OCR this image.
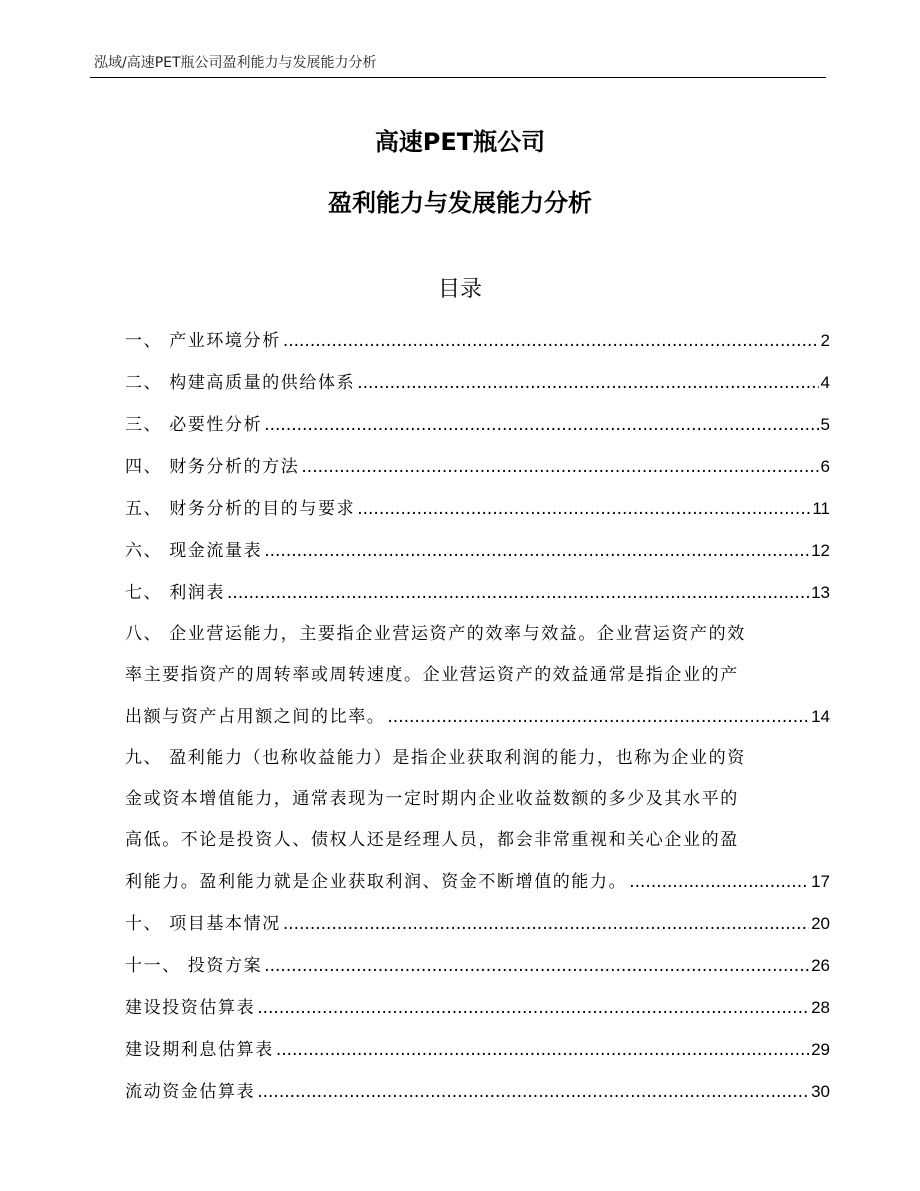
泓域/高速PET瓶公司盈利能力与发展能力分析
高速PET瓶公司
盈利能力与发展能力分析
目录
一、 产业环境分析 .....	2
二、 构建高质量的供给体系 .....	4
三、 必要性分析 .....	5
四、 财务分析的方法 .....	6
五、 财务分析的目的与要求 .....	11
六、 现金流量表 .....	12
七、 利润表 .....	13
八、 企业营运能力，主要指企业营运资产的效率与效益。企业营运资产的效
率主要指资产的周转率或周转速度。企业营运资产的效益通常是指企业的产
出额与资产占用额之间的比率。 .....	14
九、 盈利能力（也称收益能力）是指企业获取利润的能力，也称为企业的资
金或资本增值能力，通常表现为一定时期内企业收益数额的多少及其水平的
高低。不论是投资人、债权人还是经理人员，都会非常重视和关心企业的盈
利能力。盈利能力就是企业获取利润、资金不断增值的能力。 .....	17
十、 项目基本情况 .....	20
十一、 投资方案 .....	26
建设投资估算表 .....	28
建设期利息估算表 .....	29
流动资金估算表 .....	30
